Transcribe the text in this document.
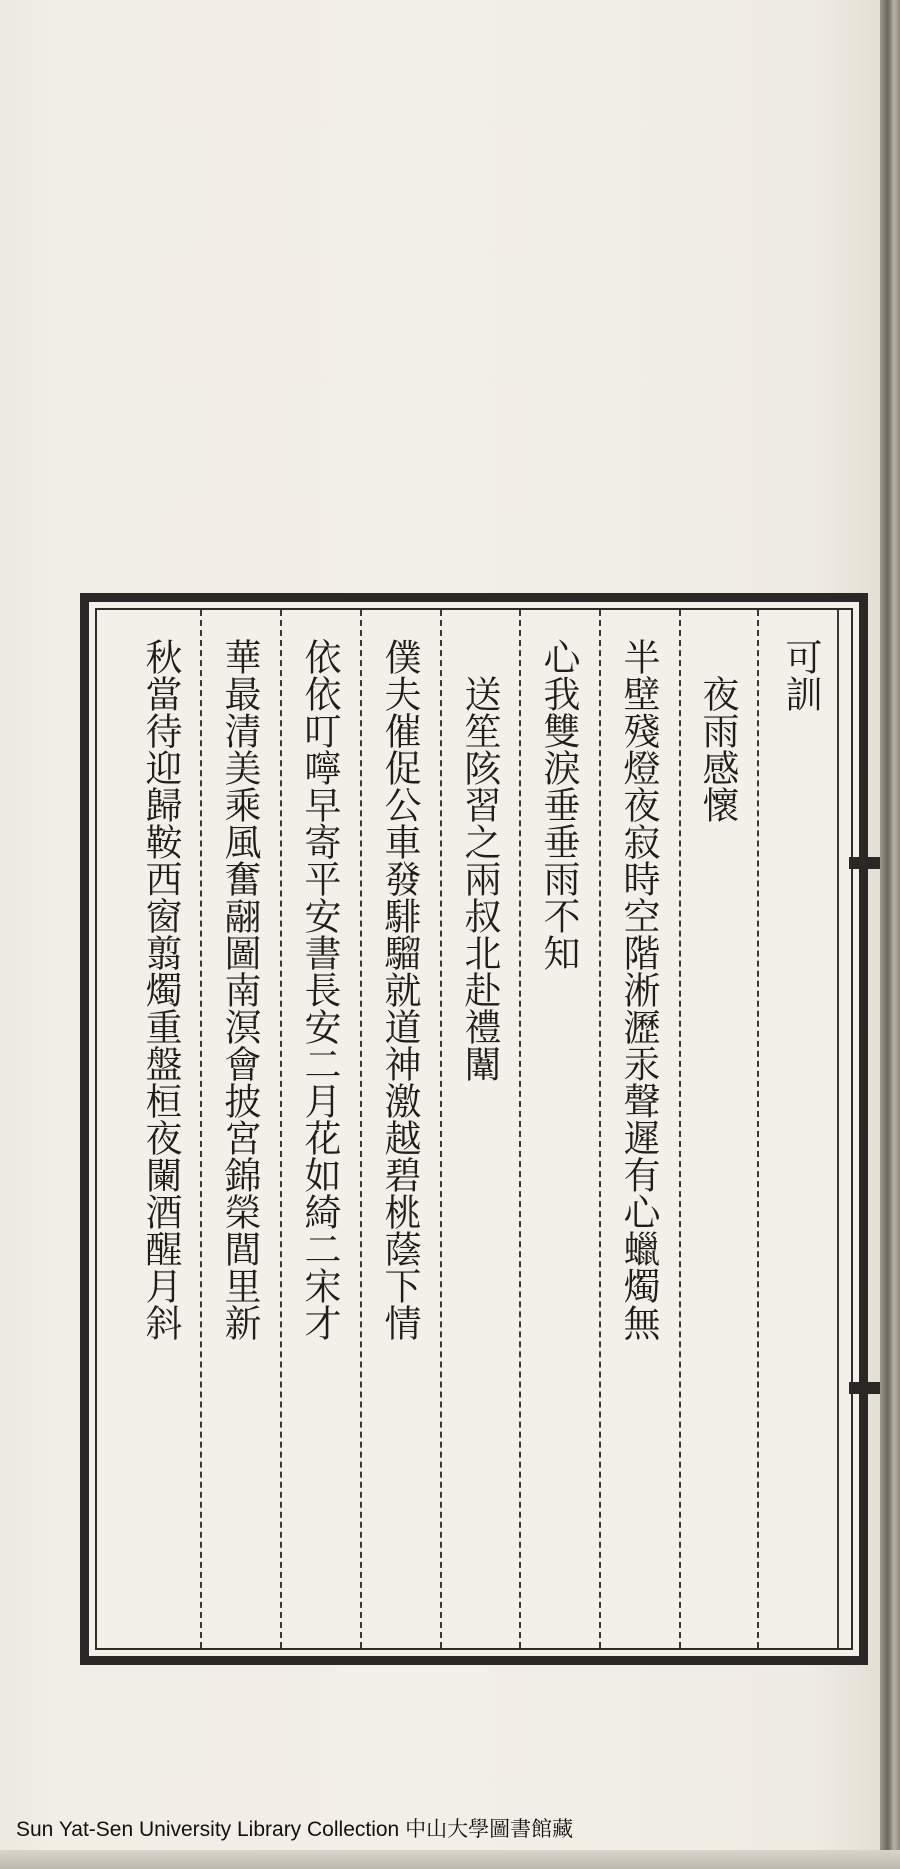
可訓
　夜雨感懷
半壁殘燈夜寂時空階淅瀝汞聲遲有心蠟燭無
心我雙淚垂垂雨不知
　送笙陔習之兩叔北赴禮闈
僕夫催促公車發騑騮就道神激越碧桃蔭下情
依依叮嚀早寄平安書長安二月花如綺二宋才
華最清美乘風奮翮圖南溟會披宮錦榮閭里新
秋當待迎歸鞍西窗翦燭重盤桓夜闌酒醒月斜
Sun Yat-Sen University Library Collection 中山大學圖書館藏
